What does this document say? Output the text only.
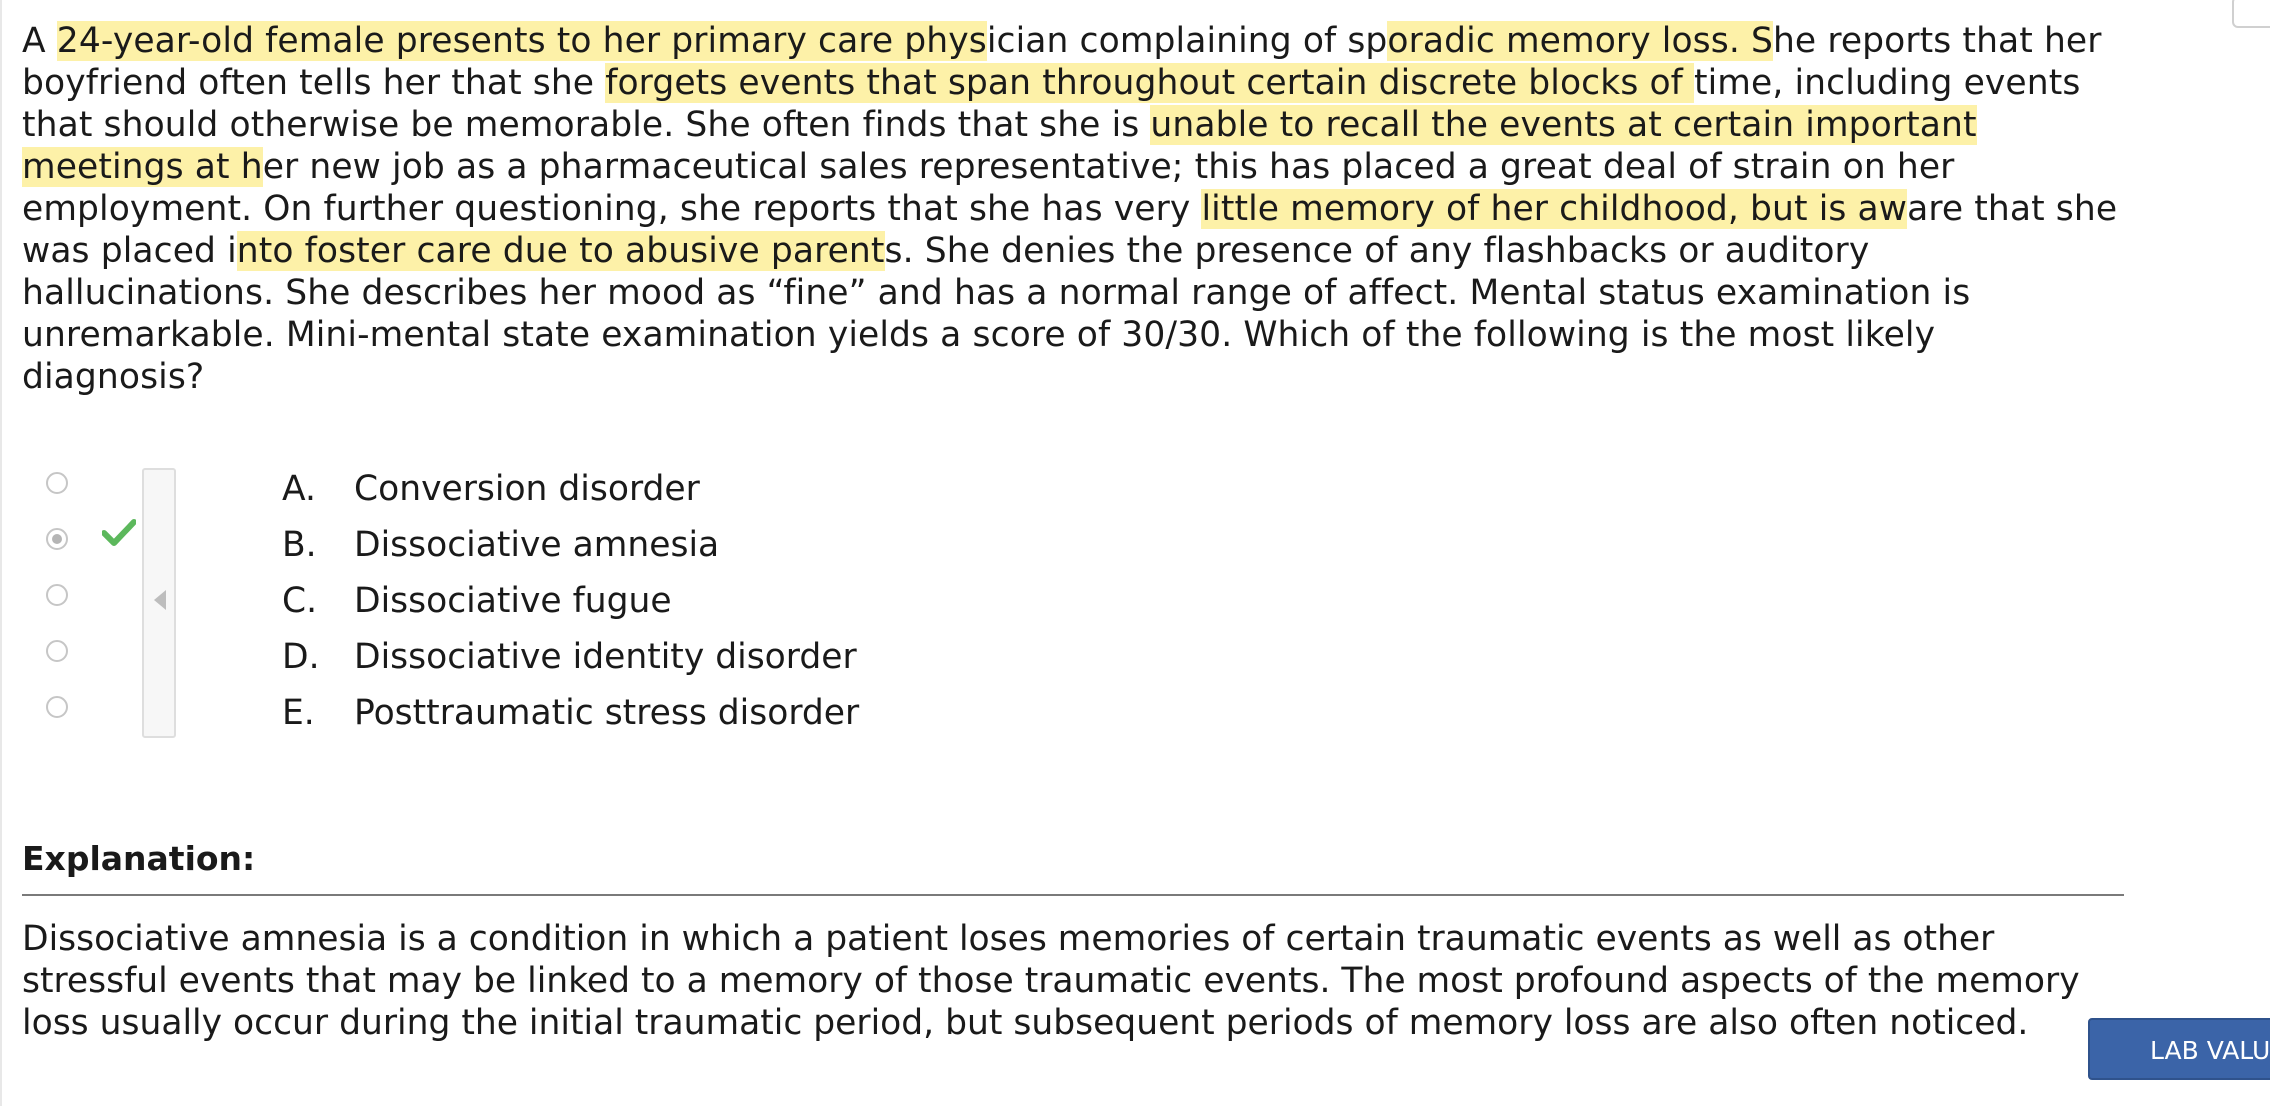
A 24-year-old female presents to her primary care physician complaining of sporadic memory loss. She reports that her boyfriend often tells her that she forgets events that span throughout certain discrete blocks of time, including events that should otherwise be memorable. She often finds that she is unable to recall the events at certain important meetings at her new job as a pharmaceutical sales representative; this has placed a great deal of strain on her employment. On further questioning, she reports that she has very little memory of her childhood, but is aware that she was placed into foster care due to abusive parents. She denies the presence of any flashbacks or auditory hallucinations. She describes her mood as “fine” and has a normal range of affect. Mental status examination is unremarkable. Mini-mental state examination yields a score of 30/30. Which of the following is the most likely diagnosis?
A. Conversion disorder
B. Dissociative amnesia
C. Dissociative fugue
D. Dissociative identity disorder
E. Posttraumatic stress disorder
Explanation:
Dissociative amnesia is a condition in which a patient loses memories of certain traumatic events as well as other stressful events that may be linked to a memory of those traumatic events. The most profound aspects of the memory loss usually occur during the initial traumatic period, but subsequent periods of memory loss are also often noticed.
LAB VALU
